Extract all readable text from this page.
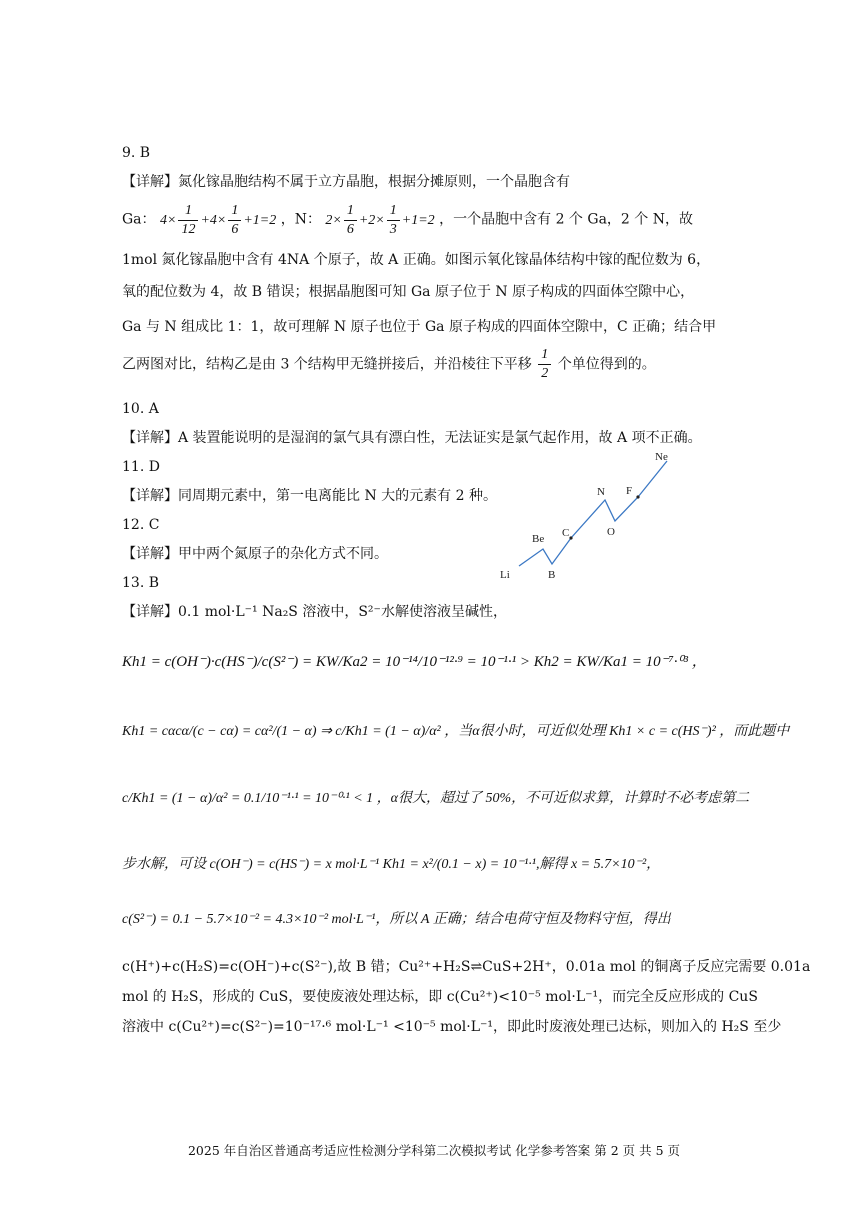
9. B
【详解】氮化镓晶胞结构不属于立方晶胞，根据分摊原则，一个晶胞含有
Ga： $4\times \frac{1}{12} +4\times \frac{1}{6} +1=2$ ，N： $2\times \frac{1}{6} +2\times \frac{1}{3} +1=2$ ，一个晶胞中含有 2 个 Ga，2 个 N，故
1mol 氮化镓晶胞中含有 4NA 个原子，故 A 正确。如图示氧化镓晶体结构中镓的配位数为 6，
氧的配位数为 4，故 B 错误；根据晶胞图可知 Ga 原子位于 N 原子构成的四面体空隙中心，
Ga 与 N 组成比 1：1，故可理解 N 原子也位于 Ga 原子构成的四面体空隙中，C 正确；结合甲
乙两图对比，结构乙是由 3 个结构甲无缝拼接后，并沿棱往下平移 $\frac{1}{2}$ 个单位得到的。
10. A
【详解】A 装置能说明的是湿润的氯气具有漂白性，无法证实是氯气起作用，故 A 项不正确。
11. D
【详解】同周期元素中，第一电离能比 N 大的元素有 2 种。
12. C
【详解】甲中两个氮原子的杂化方式不同。
Li
Be
B
C
N
O
F
Ne
13. B
【详解】0.1 mol·L⁻¹ Na₂S 溶液中，S²⁻水解使溶液呈碱性，
Kh1 = c(OH⁻)·c(HS⁻)/c(S²⁻) = KW/Ka2 = 10⁻¹⁴/10⁻¹²·⁹ = 10⁻¹·¹ > Kh2 = KW/Ka1 = 10⁻⁷·⁰³ ，
Kh1 = cαcα/(c − cα) = cα²/(1 − α) ⇒ c/Kh1 = (1 − α)/α² ，当α很小时，可近似处理 Kh1 × c = c(HS⁻)² ，而此题中
c/Kh1 = (1 − α)/α² = 0.1/10⁻¹·¹ = 10⁻⁰·¹ < 1 ，α很大，超过了 50%，不可近似求算，计算时不必考虑第二
步水解，可设 c(OH⁻) = c(HS⁻) = x mol·L⁻¹ Kh1 = x²/(0.1 − x) = 10⁻¹·¹,解得 x = 5.7×10⁻²，
c(S²⁻) = 0.1 − 5.7×10⁻² = 4.3×10⁻² mol·L⁻¹，所以 A 正确；结合电荷守恒及物料守恒，得出
c(H⁺)+c(H₂S)=c(OH⁻)+c(S²⁻),故 B 错；Cu²⁺+H₂S⇌CuS+2H⁺，0.01a mol 的铜离子反应完需要 0.01a
mol 的 H₂S，形成的 CuS，要使废液处理达标，即 c(Cu²⁺)<10⁻⁵ mol·L⁻¹，而完全反应形成的 CuS
溶液中 c(Cu²⁺)=c(S²⁻)=10⁻¹⁷·⁶ mol·L⁻¹ <10⁻⁵ mol·L⁻¹，即此时废液处理已达标，则加入的 H₂S 至少
2025 年自治区普通高考适应性检测分学科第二次模拟考试 化学参考答案 第 2 页 共 5 页
